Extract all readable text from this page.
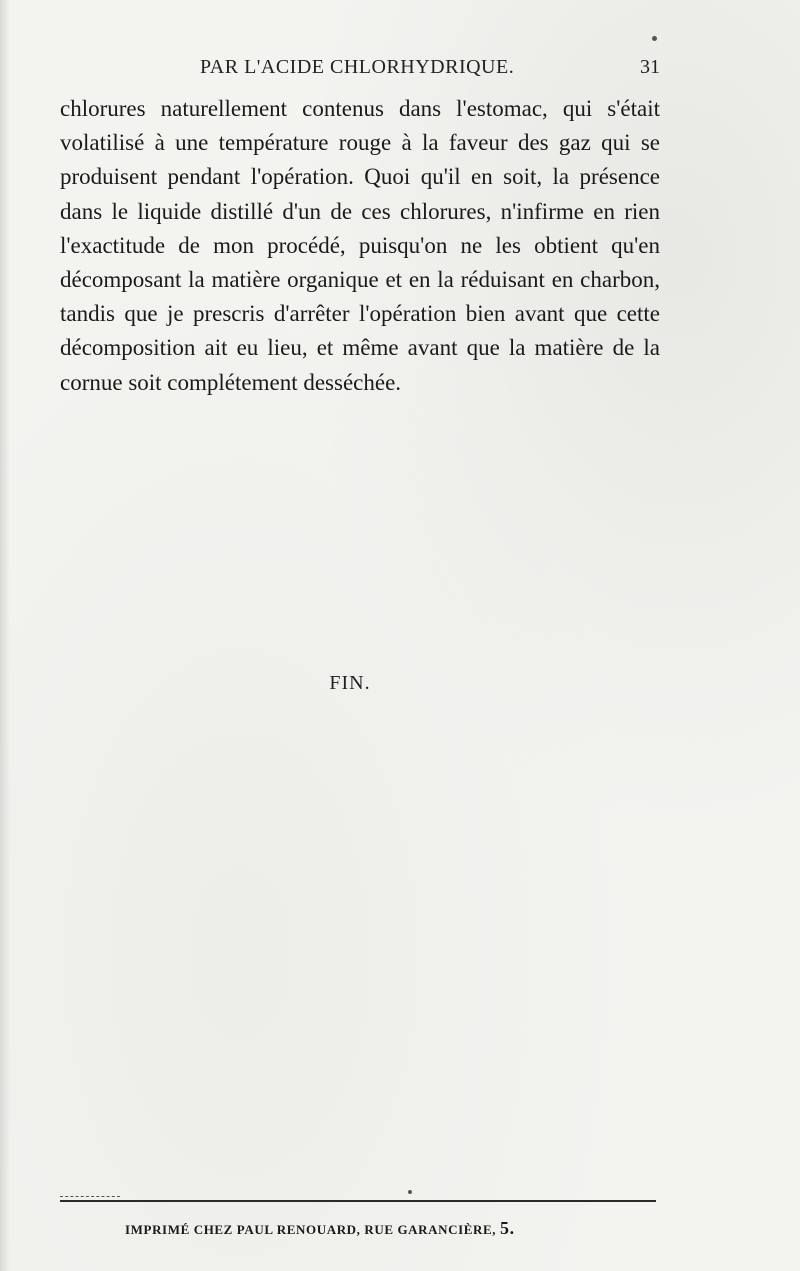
PAR L'ACIDE CHLORHYDRIQUE.	31

chlorures naturellement contenus dans l'estomac, qui s'était volatilisé à une température rouge à la faveur des gaz qui se produisent pendant l'opération. Quoi qu'il en soit, la présence dans le liquide distillé d'un de ces chlorures, n'infirme en rien l'exactitude de mon procédé, puisqu'on ne les obtient qu'en décomposant la matière organique et en la réduisant en charbon, tandis que je prescris d'arrêter l'opération bien avant que cette décomposition ait eu lieu, et même avant que la matière de la cornue soit complétement desséchée.

FIN.
IMPRIMÉ CHEZ PAUL RENOUARD, RUE GARANCIÈRE, 5.
